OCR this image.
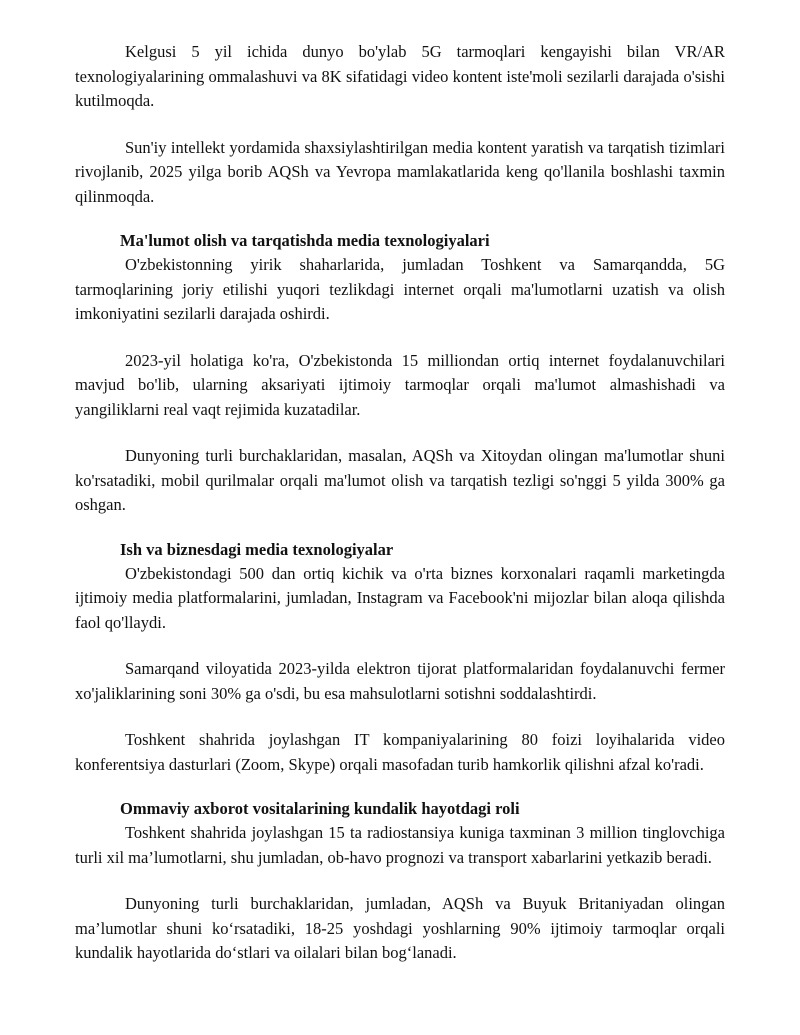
Kelgusi 5 yil ichida dunyo bo'ylab 5G tarmoqlari kengayishi bilan VR/AR texnologiyalarining ommalashuvi va 8K sifatidagi video kontent iste'moli sezilarli darajada o'sishi kutilmoqda.

Sun'iy intellekt yordamida shaxsiylashtirilgan media kontent yaratish va tarqatish tizimlari rivojlanib, 2025 yilga borib AQSh va Yevropa mamlakatlarida keng qo'llanila boshlashi taxmin qilinmoqda.

Ma'lumot olish va tarqatishda media texnologiyalari

O'zbekistonning yirik shaharlarida, jumladan Toshkent va Samarqandda, 5G tarmoqlarining joriy etilishi yuqori tezlikdagi internet orqali ma'lumotlarni uzatish va olish imkoniyatini sezilarli darajada oshirdi.

2023-yil holatiga ko'ra, O'zbekistonda 15 milliondan ortiq internet foydalanuvchilari mavjud bo'lib, ularning aksariyati ijtimoiy tarmoqlar orqali ma'lumot almashishadi va yangiliklarni real vaqt rejimida kuzatadilar.

Dunyoning turli burchaklaridan, masalan, AQSh va Xitoydan olingan ma'lumotlar shuni ko'rsatadiki, mobil qurilmalar orqali ma'lumot olish va tarqatish tezligi so'nggi 5 yilda 300% ga oshgan.

Ish va biznesdagi media texnologiyalar

O'zbekistondagi 500 dan ortiq kichik va o'rta biznes korxonalari raqamli marketingda ijtimoiy media platformalarini, jumladan, Instagram va Facebook'ni mijozlar bilan aloqa qilishda faol qo'llaydi.

Samarqand viloyatida 2023-yilda elektron tijorat platformalaridan foydalanuvchi fermer xo'jaliklarining soni 30% ga o'sdi, bu esa mahsulotlarni sotishni soddalashtirdi.

Toshkent shahrida joylashgan IT kompaniyalarining 80 foizi loyihalarida video konferentsiya dasturlari (Zoom, Skype) orqali masofadan turib hamkorlik qilishni afzal ko'radi.

Ommaviy axborot vositalarining kundalik hayotdagi roli

Toshkent shahrida joylashgan 15 ta radiostansiya kuniga taxminan 3 million tinglovchiga turli xil ma’lumotlarni, shu jumladan, ob-havo prognozi va transport xabarlarini yetkazib beradi.

Dunyoning turli burchaklaridan, jumladan, AQSh va Buyuk Britaniyadan olingan ma’lumotlar shuni ko‘rsatadiki, 18-25 yoshdagi yoshlarning 90% ijtimoiy tarmoqlar orqali kundalik hayotlarida do‘stlari va oilalari bilan bog‘lanadi.
